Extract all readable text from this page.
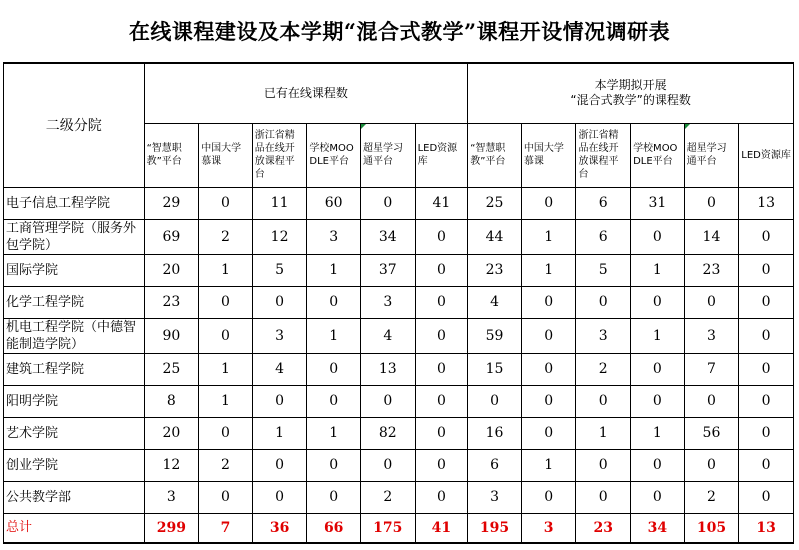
在线课程建设及本学期“混合式教学”课程开设情况调研表
二级分院	已有在线课程数						本学期拟开展
“混合式教学”的课程数					
	“智慧职教”平台	中国大学慕课	浙江省精品在线开放课程平台	学校MOODLE平台	超星学习通平台	LED资源库	“智慧职教”平台	中国大学慕课	浙江省精品在线开放课程平台	学校MOODLE平台	超星学习通平台	LED资源库
电子信息工程学院	29	0	11	60	0	41	25	0	6	31	0	13
工商管理学院（服务外包学院）	69	2	12	3	34	0	44	1	6	0	14	0
国际学院	20	1	5	1	37	0	23	1	5	1	23	0
化学工程学院	23	0	0	0	3	0	4	0	0	0	0	0
机电工程学院（中德智能制造学院）	90	0	3	1	4	0	59	0	3	1	3	0
建筑工程学院	25	1	4	0	13	0	15	0	2	0	7	0
阳明学院	8	1	0	0	0	0	0	0	0	0	0	0
艺术学院	20	0	1	1	82	0	16	0	1	1	56	0
创业学院	12	2	0	0	0	0	6	1	0	0	0	0
公共教学部	3	0	0	0	2	0	3	0	0	0	2	0
总计	299	7	36	66	175	41	195	3	23	34	105	13
